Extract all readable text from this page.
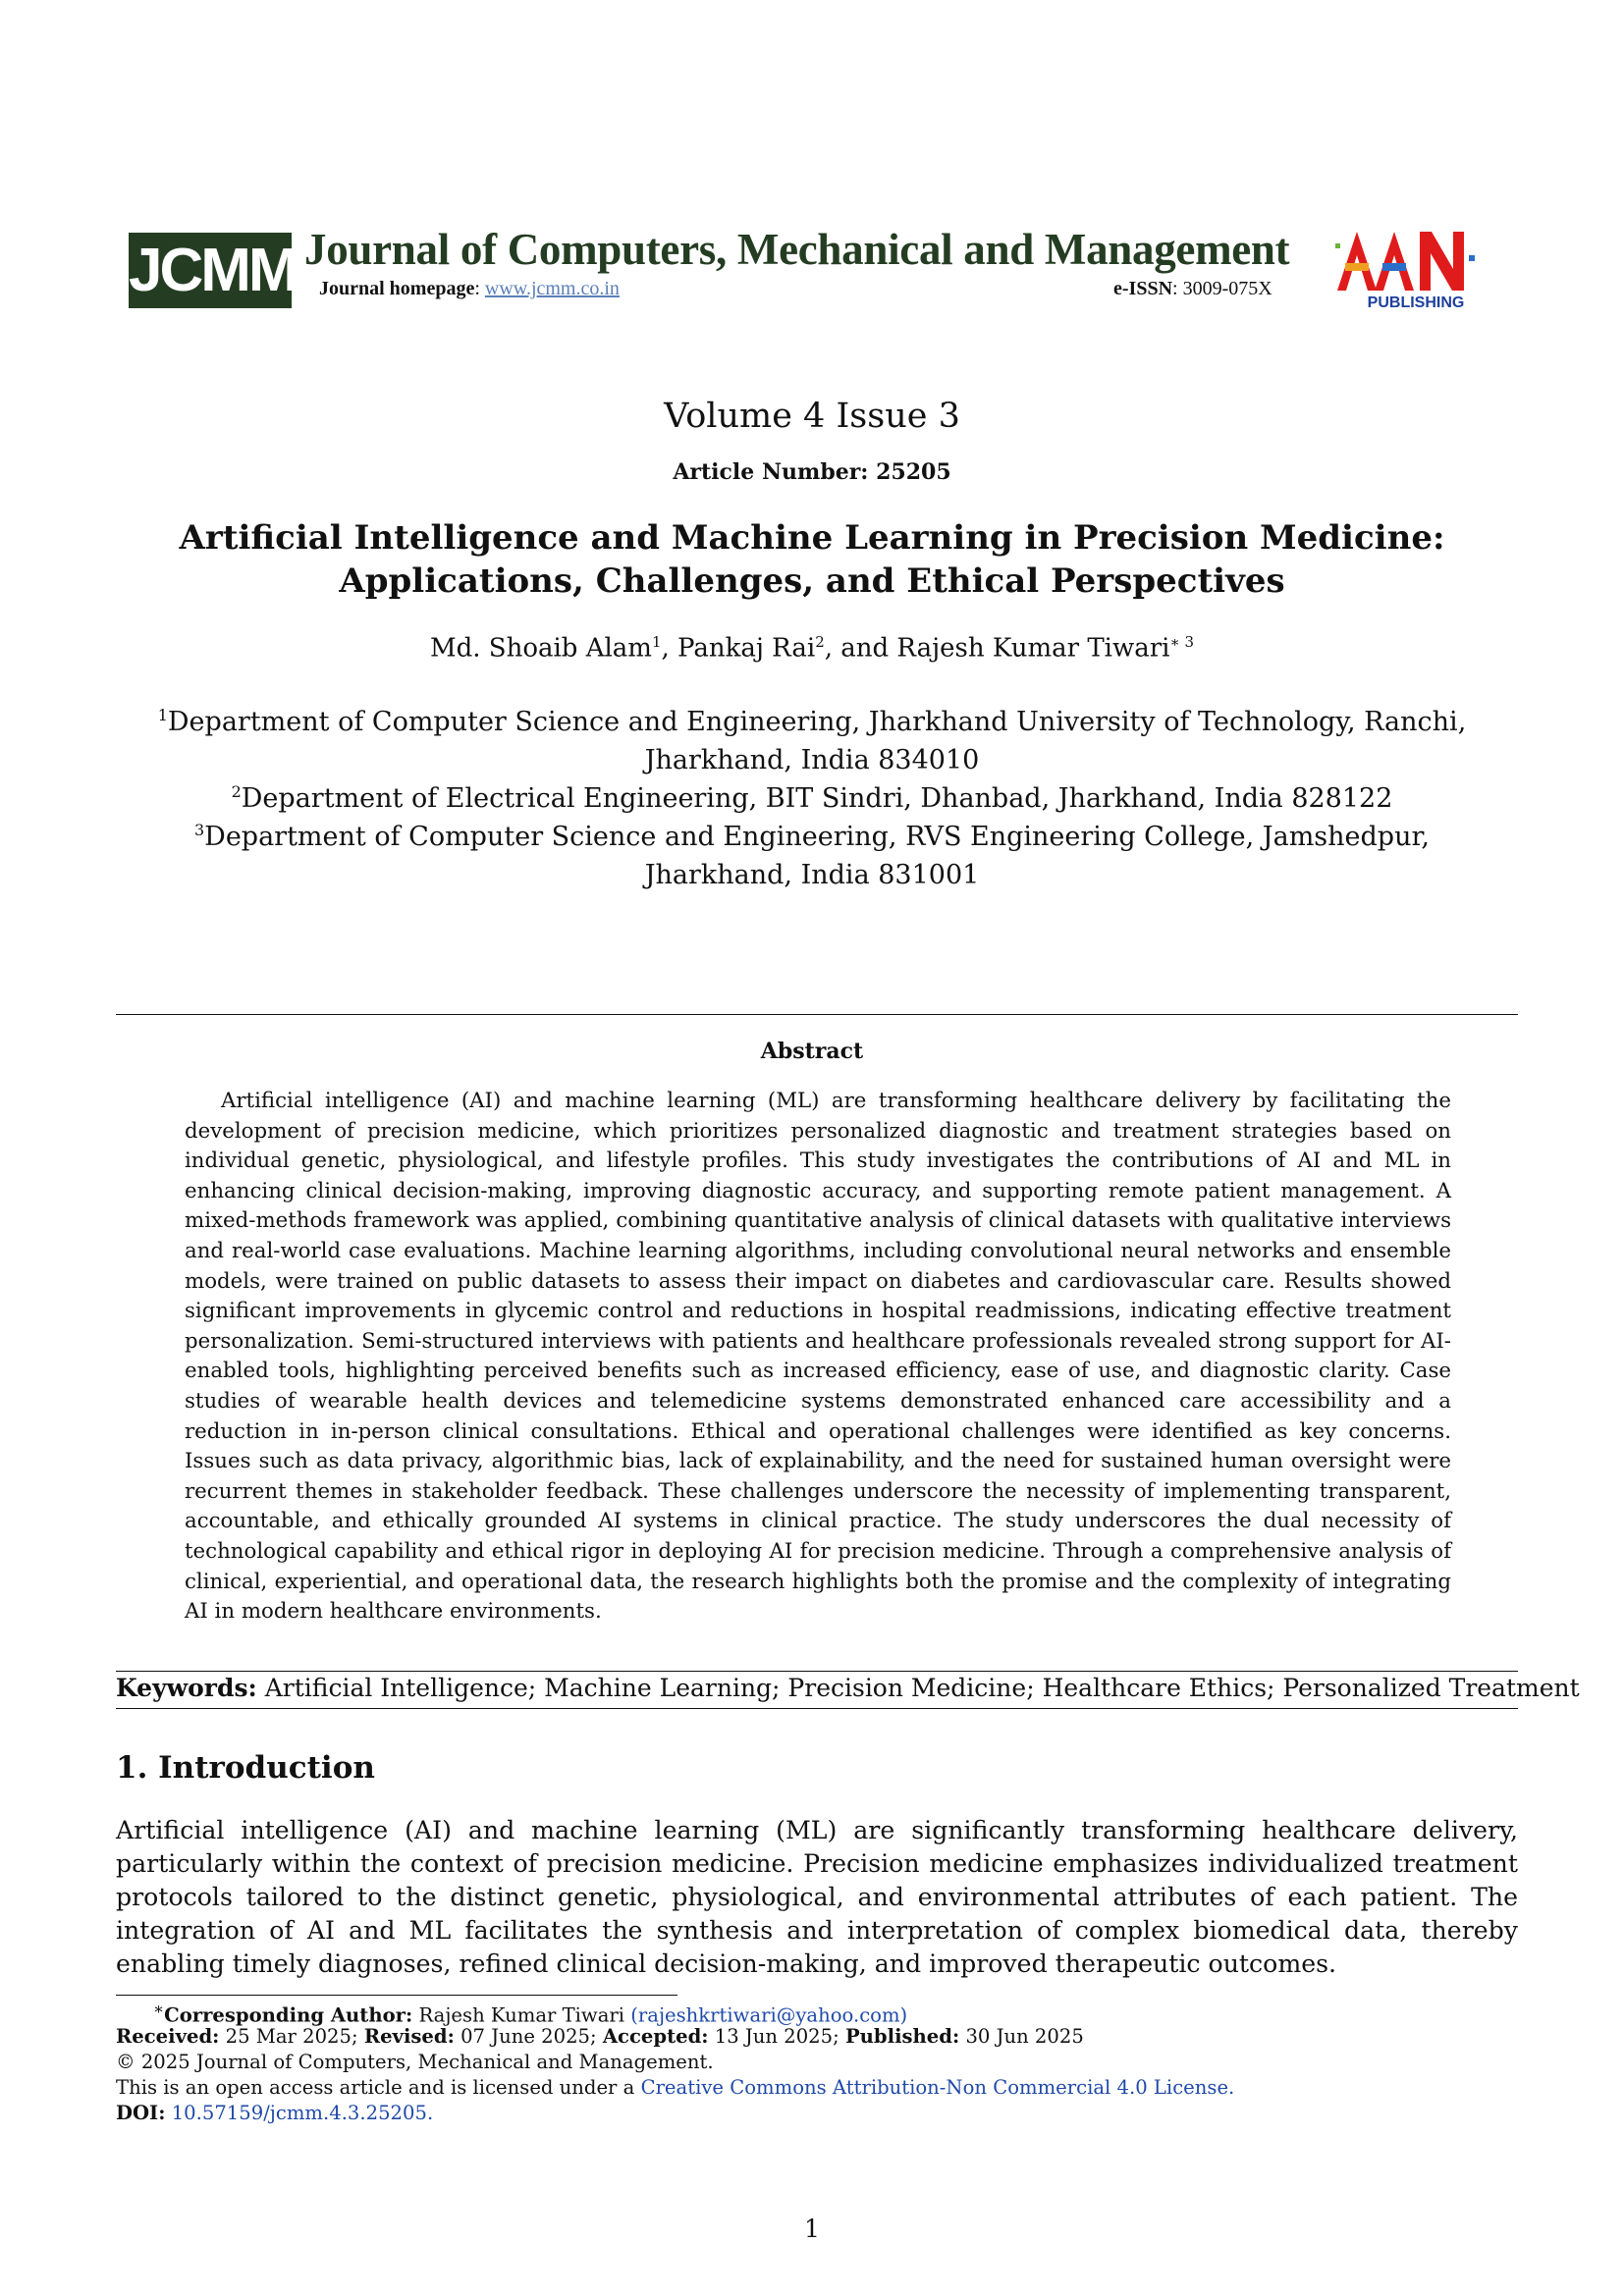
JCMM Journal of Computers, Mechanical and Management
Journal homepage: www.jcmm.co.in	e-ISSN: 3009-075X
PUBLISHING
Volume 4 Issue 3
Article Number: 25205
Artificial Intelligence and Machine Learning in Precision Medicine:
Applications, Challenges, and Ethical Perspectives
Md. Shoaib Alam$^1$, Pankaj Rai$^2$, and Rajesh Kumar Tiwari$^{∗ 3}$
$^1$Department of Computer Science and Engineering, Jharkhand University of Technology, Ranchi,
Jharkhand, India 834010
$^2$Department of Electrical Engineering, BIT Sindri, Dhanbad, Jharkhand, India 828122
$^3$Department of Computer Science and Engineering, RVS Engineering College, Jamshedpur,
Jharkhand, India 831001
Abstract
Artificial intelligence (AI) and machine learning (ML) are transforming healthcare delivery by facilitating the development of precision medicine, which prioritizes personalized diagnostic and treatment strategies based on individual genetic, physiological, and lifestyle profiles. This study investigates the contributions of AI and ML in enhancing clinical decision-making, improving diagnostic accuracy, and supporting remote patient management. A mixed-methods framework was applied, combining quantitative analysis of clinical datasets with qualitative interviews and real-world case evaluations. Machine learning algorithms, including convolutional neural networks and ensemble models, were trained on public datasets to assess their impact on diabetes and cardiovascular care. Results showed significant improvements in glycemic control and reductions in hospital readmissions, indicating effective treatment personalization. Semi-structured interviews with patients and healthcare professionals revealed strong support for AI-enabled tools, highlighting perceived benefits such as increased efficiency, ease of use, and diagnostic clarity. Case studies of wearable health devices and telemedicine systems demonstrated enhanced care accessibility and a reduction in in-person clinical consultations. Ethical and operational challenges were identified as key concerns. Issues such as data privacy, algorithmic bias, lack of explainability, and the need for sustained human oversight were recurrent themes in stakeholder feedback. These challenges underscore the necessity of implementing transparent, accountable, and ethically grounded AI systems in clinical practice. The study underscores the dual necessity of technological capability and ethical rigor in deploying AI for precision medicine. Through a comprehensive analysis of clinical, experiential, and operational data, the research highlights both the promise and the complexity of integrating AI in modern healthcare environments.
Keywords: Artificial Intelligence; Machine Learning; Precision Medicine; Healthcare Ethics; Personalized Treatment
1. Introduction
Artificial intelligence (AI) and machine learning (ML) are significantly transforming healthcare delivery, particularly within the context of precision medicine. Precision medicine emphasizes individualized treatment protocols tailored to the distinct genetic, physiological, and environmental attributes of each patient. The integration of AI and ML facilitates the synthesis and interpretation of complex biomedical data, thereby enabling timely diagnoses, refined clinical decision-making, and improved therapeutic outcomes.
∗Corresponding Author: Rajesh Kumar Tiwari (rajeshkrtiwari@yahoo.com)
Received: 25 Mar 2025; Revised: 07 June 2025; Accepted: 13 Jun 2025; Published: 30 Jun 2025
© 2025 Journal of Computers, Mechanical and Management.
This is an open access article and is licensed under a Creative Commons Attribution-Non Commercial 4.0 License.
DOI: 10.57159/jcmm.4.3.25205.
1
